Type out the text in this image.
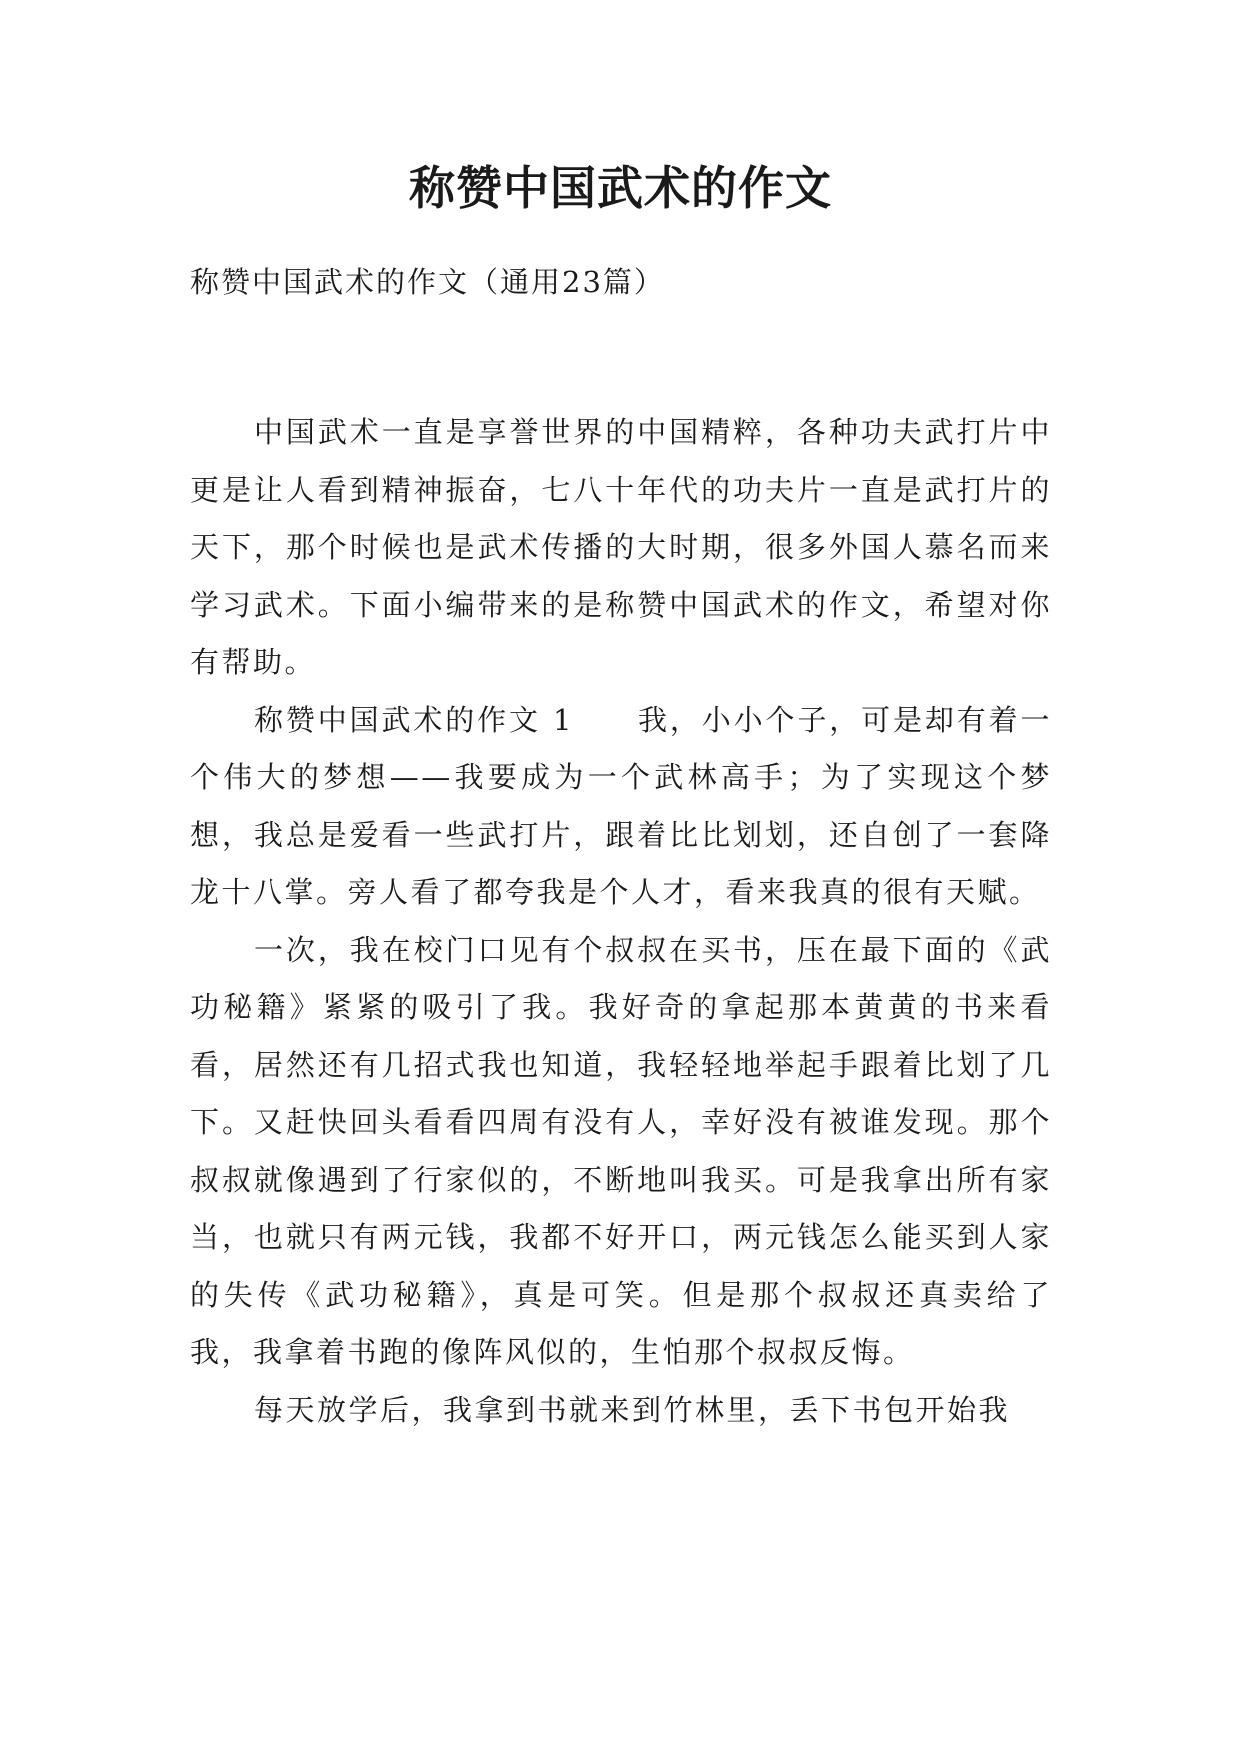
称赞中国武术的作文
称赞中国武术的作文（通用23篇）

中国武术一直是享誉世界的中国精粹，各种功夫武打片中更是让人看到精神振奋，七八十年代的功夫片一直是武打片的天下，那个时候也是武术传播的大时期，很多外国人慕名而来学习武术。下面小编带来的是称赞中国武术的作文，希望对你有帮助。

称赞中国武术的作文 1　　我，小小个子，可是却有着一个伟大的梦想——我要成为一个武林高手；为了实现这个梦想，我总是爱看一些武打片，跟着比比划划，还自创了一套降龙十八掌。旁人看了都夸我是个人才，看来我真的很有天赋。

一次，我在校门口见有个叔叔在买书，压在最下面的《武功秘籍》紧紧的吸引了我。我好奇的拿起那本黄黄的书来看看，居然还有几招式我也知道，我轻轻地举起手跟着比划了几下。又赶快回头看看四周有没有人，幸好没有被谁发现。那个叔叔就像遇到了行家似的，不断地叫我买。可是我拿出所有家当，也就只有两元钱，我都不好开口，两元钱怎么能买到人家的失传《武功秘籍》，真是可笑。但是那个叔叔还真卖给了我，我拿着书跑的像阵风似的，生怕那个叔叔反悔。

每天放学后，我拿到书就来到竹林里，丢下书包开始我
